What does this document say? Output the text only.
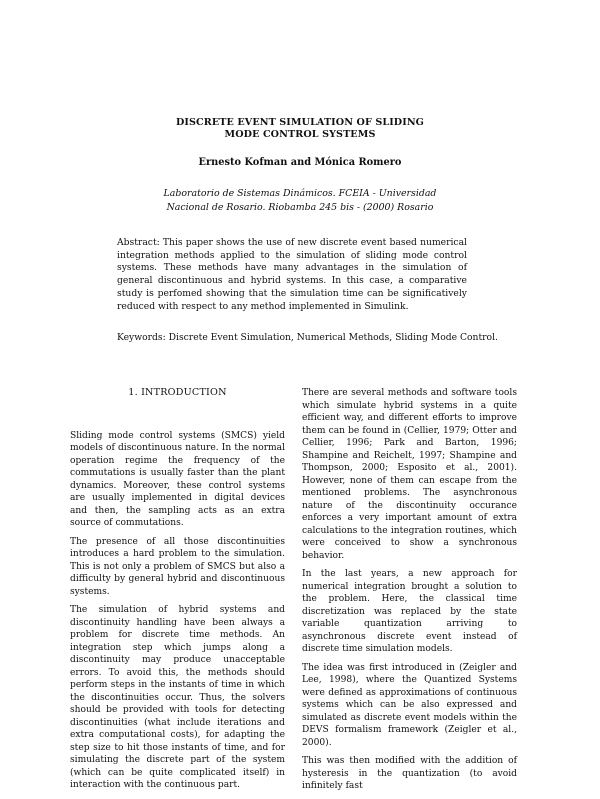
DISCRETE EVENT SIMULATION OF SLIDING
MODE CONTROL SYSTEMS
Ernesto Kofman and Mónica Romero
Laboratorio de Sistemas Dinámicos. FCEIA - Universidad
Nacional de Rosario. Riobamba 245 bis - (2000) Rosario
Abstract: This paper shows the use of new discrete event based numerical integration methods applied to the simulation of sliding mode control systems. These methods have many advantages in the simulation of general discontinuous and hybrid systems. In this case, a comparative study is perfomed showing that the simulation time can be significatively reduced with respect to any method implemented in Simulink.
Keywords: Discrete Event Simulation, Numerical Methods, Sliding Mode Control.
1. INTRODUCTION

Sliding mode control systems (SMCS) yield models of discontinuous nature. In the normal operation regime the frequency of the commutations is usually faster than the plant dynamics. Moreover, these control systems are usually implemented in digital devices and then, the sampling acts as an extra source of commutations.

The presence of all those discontinuities introduces a hard problem to the simulation. This is not only a problem of SMCS but also a difficulty by general hybrid and discontinuous systems.

The simulation of hybrid systems and discontinuity handling have been always a problem for discrete time methods. An integration step which jumps along a discontinuity may produce unacceptable errors. To avoid this, the methods should perform steps in the instants of time in which the discontinuities occur. Thus, the solvers should be provided with tools for detecting discontinuities (what include iterations and extra computational costs), for adapting the step size to hit those instants of time, and for simulating the discrete part of the system (which can be quite complicated itself) in interaction with the continuous part.

There are several methods and software tools which simulate hybrid systems in a quite efficient way, and different efforts to improve them can be found in (Cellier, 1979; Otter and Cellier, 1996; Park and Barton, 1996; Shampine and Reichelt, 1997; Shampine and Thompson, 2000; Esposito et al., 2001). However, none of them can escape from the mentioned problems. The asynchronous nature of the discontinuity occurance enforces a very important amount of extra calculations to the integration routines, which were conceived to show a synchronous behavior.

In the last years, a new approach for numerical integration brought a solution to the problem. Here, the classical time discretization was replaced by the state variable quantization arriving to asynchronous discrete event instead of discrete time simulation models.

The idea was first introduced in (Zeigler and Lee, 1998), where the Quantized Systems were defined as approximations of continuous systems which can be also expressed and simulated as discrete event models within the DEVS formalism framework (Zeigler et al., 2000).

This was then modified with the addition of hysteresis in the quantization (to avoid infinitely fast
